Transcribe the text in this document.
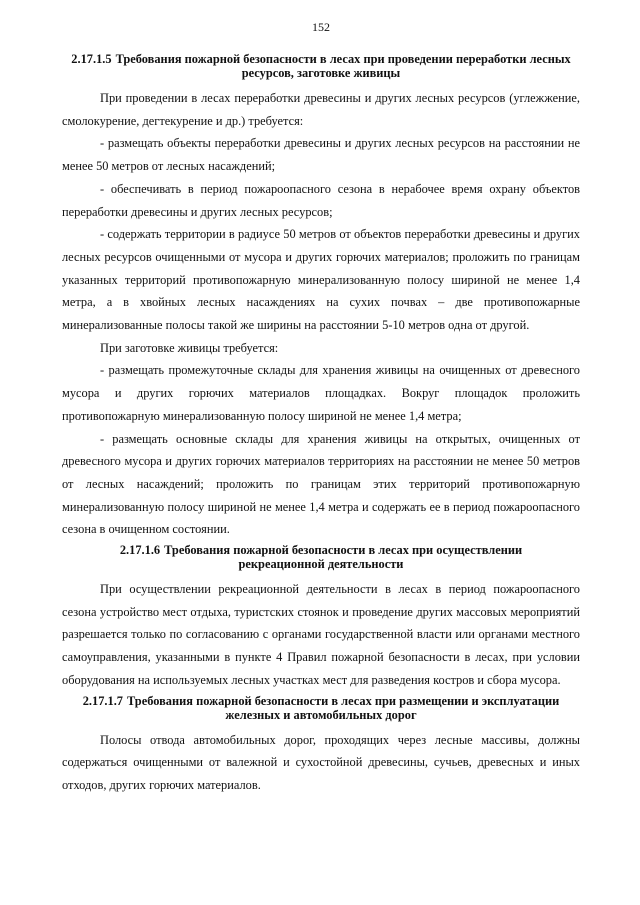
152
2.17.1.5 Требования пожарной безопасности в лесах при проведении переработки лесных ресурсов, заготовке живицы

При проведении в лесах переработки древесины и других лесных ресурсов (углежжение, смолокурение, дегтекурение и др.) требуется:

- размещать объекты переработки древесины и других лесных ресурсов на расстоянии не менее 50 метров от лесных насаждений;

- обеспечивать в период пожароопасного сезона в нерабочее время охрану объектов переработки древесины и других лесных ресурсов;

- содержать территории в радиусе 50 метров от объектов переработки древесины и других лесных ресурсов очищенными от мусора и других горючих материалов; проложить по границам указанных территорий противопожарную минерализованную полосу шириной не менее 1,4 метра, а в хвойных лесных насаждениях на сухих почвах – две противопожарные минерализованные полосы такой же ширины на расстоянии 5-10 метров одна от другой.

При заготовке живицы требуется:

- размещать промежуточные склады для хранения живицы на очищенных от древесного мусора и других горючих материалов площадках. Вокруг площадок проложить противопожарную минерализованную полосу шириной не менее 1,4 метра;

- размещать основные склады для хранения живицы на открытых, очищенных от древесного мусора и других горючих материалов территориях на расстоянии не менее 50 метров от лесных насаждений; проложить по границам этих территорий противопожарную минерализованную полосу шириной не менее 1,4 метра и содержать ее в период пожароопасного сезона в очищенном состоянии.

2.17.1.6 Требования пожарной безопасности в лесах при осуществлении рекреационной деятельности

При осуществлении рекреационной деятельности в лесах в период пожароопасного сезона устройство мест отдыха, туристских стоянок и проведение других массовых мероприятий разрешается только по согласованию с органами государственной власти или органами местного самоуправления, указанными в пункте 4 Правил пожарной безопасности в лесах, при условии оборудования на используемых лесных участках мест для разведения костров и сбора мусора.

2.17.1.7 Требования пожарной безопасности в лесах при размещении и эксплуатации железных и автомобильных дорог

Полосы отвода автомобильных дорог, проходящих через лесные массивы, должны содержаться очищенными от валежной и сухостойной древесины, сучьев, древесных и иных отходов, других горючих материалов.
